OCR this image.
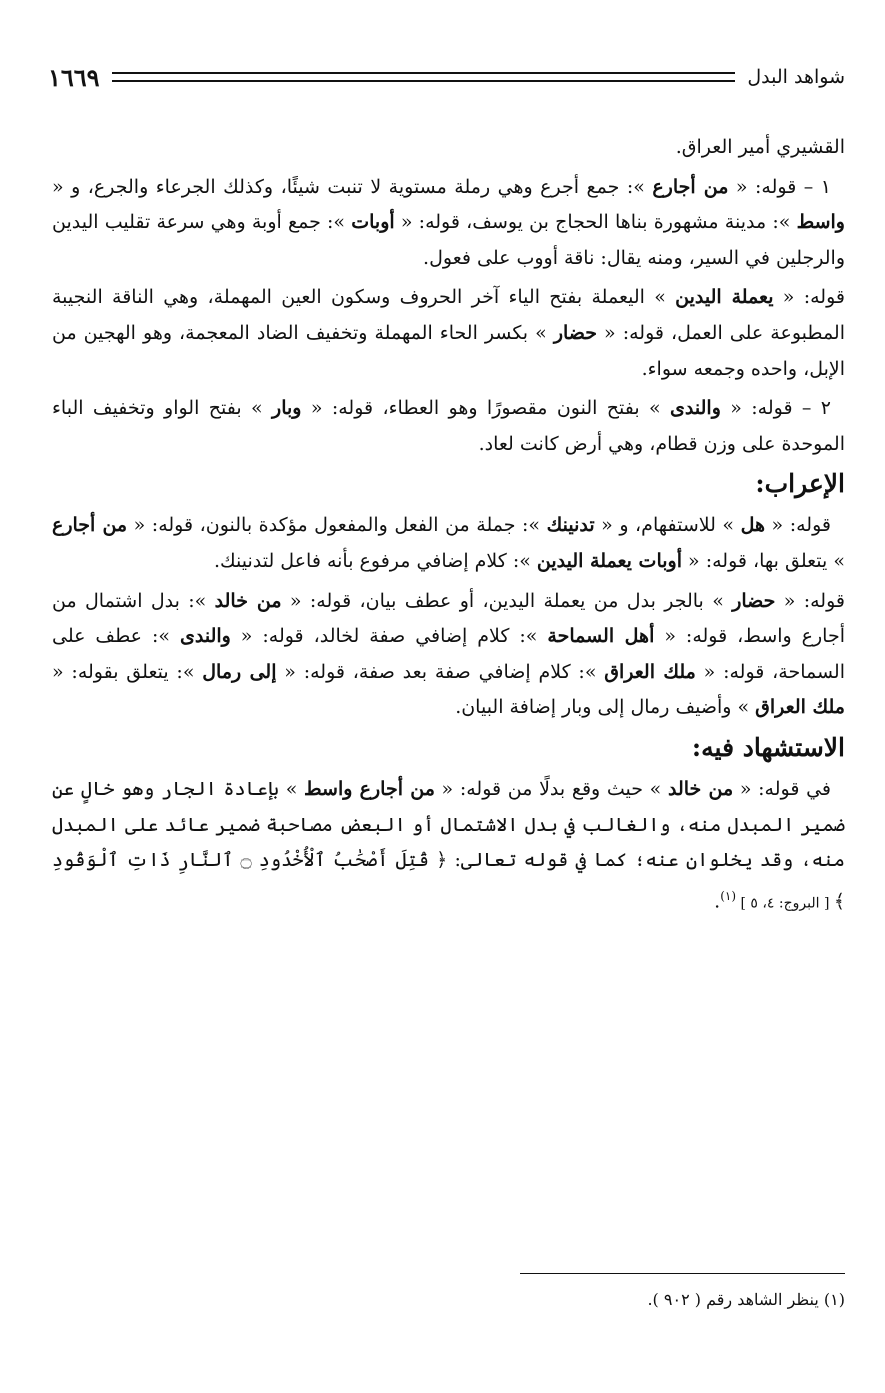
شواهد البدل
١٦٦٩

القشيري أمير العراق.

١ – قوله: « من أجارع »: جمع أجرع وهي رملة مستوية لا تنبت شيئًا، وكذلك الجرعاء والجرع، و « واسط »: مدينة مشهورة بناها الحجاج بن يوسف، قوله: « أوبات »: جمع أوبة وهي سرعة تقليب اليدين والرجلين في السير، ومنه يقال: ناقة أووب على فعول.

قوله: « يعملة اليدين » اليعملة بفتح الياء آخر الحروف وسكون العين المهملة، وهي الناقة النجيبة المطبوعة على العمل، قوله: « حضار » بكسر الحاء المهملة وتخفيف الضاد المعجمة، وهو الهجين من الإبل، واحده وجمعه سواء.

٢ – قوله: « والندى » بفتح النون مقصورًا وهو العطاء، قوله: « وبار » بفتح الواو وتخفيف الباء الموحدة على وزن قطام، وهي أرض كانت لعاد.

الإعراب:

قوله: « هل » للاستفهام، و « تدنينك »: جملة من الفعل والمفعول مؤكدة بالنون، قوله: « من أجارع » يتعلق بها، قوله: « أوبات يعملة اليدين »: كلام إضافي مرفوع بأنه فاعل لتدنينك.

قوله: « حضار » بالجر بدل من يعملة اليدين، أو عطف بيان، قوله: « من خالد »: بدل اشتمال من أجارع واسط، قوله: « أهل السماحة »: كلام إضافي صفة لخالد، قوله: « والندى »: عطف على السماحة، قوله: « ملك العراق »: كلام إضافي صفة بعد صفة، قوله: « إلى رمال »: يتعلق بقوله: « ملك العراق » وأضيف رمال إلى وبار إضافة البيان.

الاستشهاد فيه:

في قوله: « من خالد » حيث وقع بدلًا من قوله: « من أجارع واسط » بإعادة الجار وهو خالٍ عن ضمير المبدل منه، والغالب في بدل الاشتمال أو البعض مصاحبة ضمير عائد على المبدل منه، وقد يخلوان عنه؛ كما في قوله تعالى: ﴿ قُتِلَ أَصْحَٰبُ ٱلْأُخْدُودِ ۝ ٱلنَّارِ ذَاتِ ٱلْوَقُودِ ﴾ [ البروج: ٤، ٥ ] $^{(١)}$.

(١) ينظر الشاهد رقم ( ٩٠٢ ).
